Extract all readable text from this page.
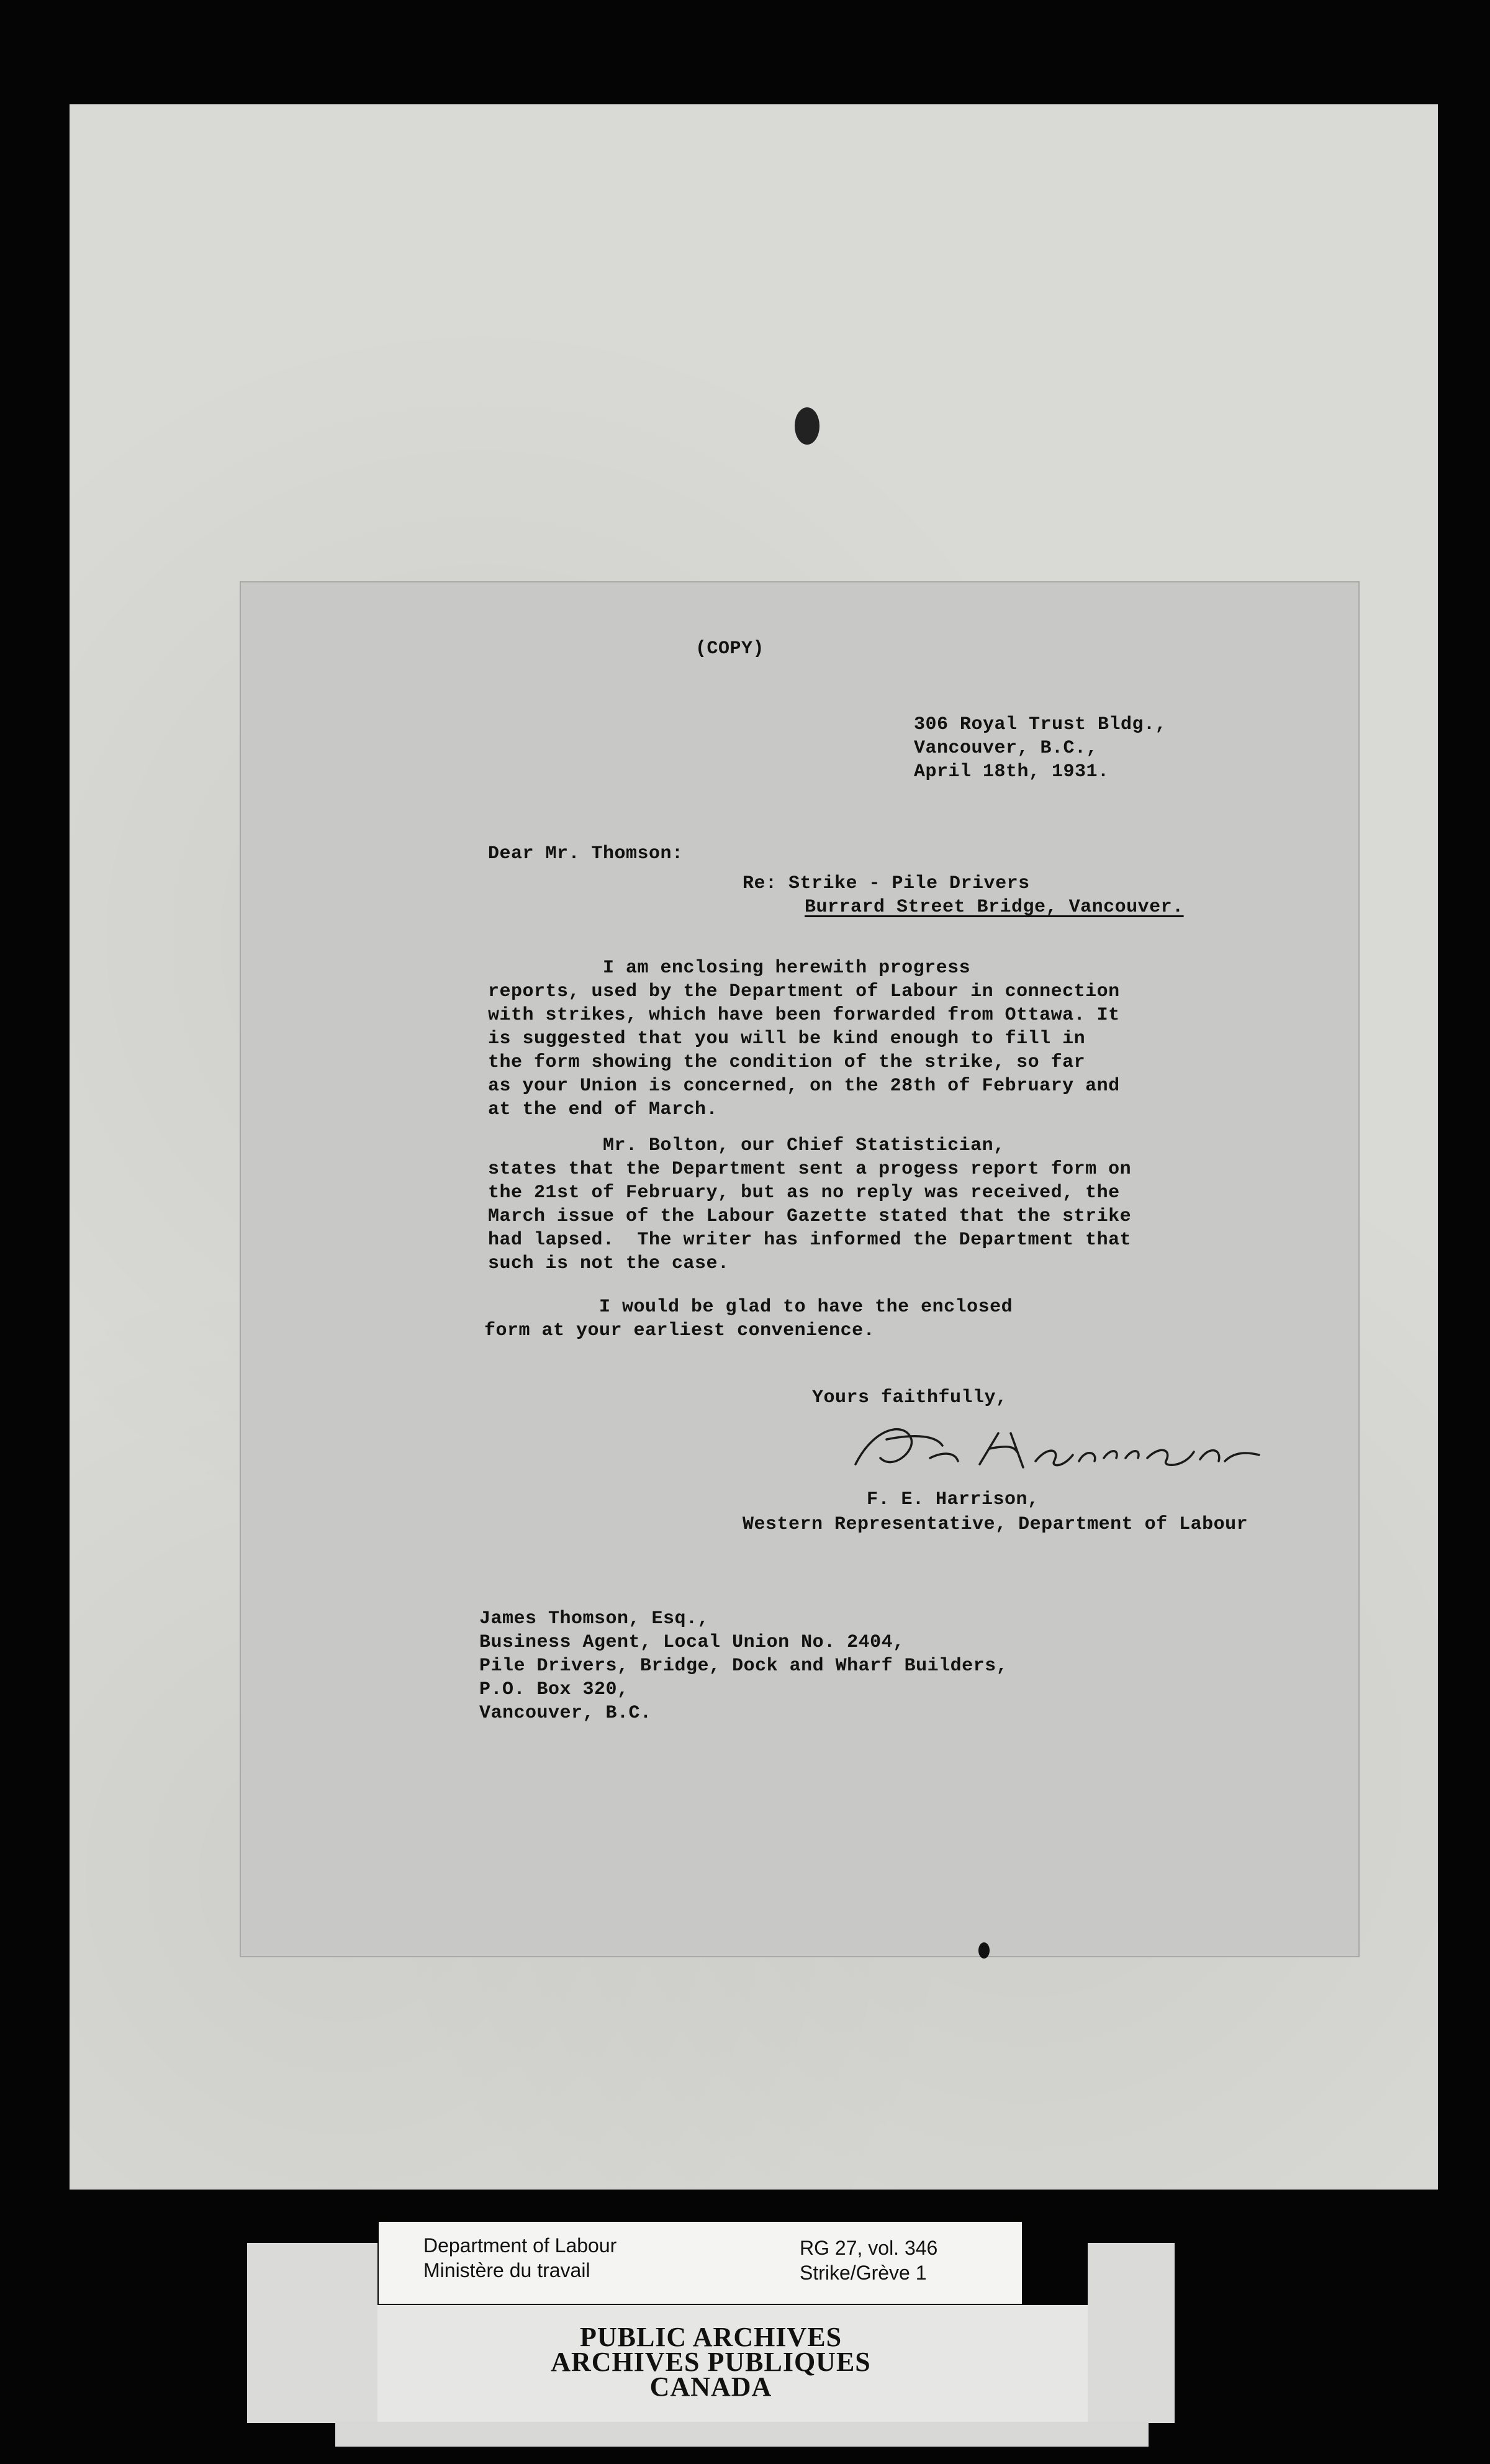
(COPY)
306 Royal Trust Bldg.,
Vancouver, B.C.,
April 18th, 1931.
Dear Mr. Thomson:
Re: Strike - Pile Drivers
Burrard Street Bridge, Vancouver.
I am enclosing herewith progress
reports, used by the Department of Labour in connection
with strikes, which have been forwarded from Ottawa. It
is suggested that you will be kind enough to fill in
the form showing the condition of the strike, so far
as your Union is concerned, on the 28th of February and
at the end of March.
Mr. Bolton, our Chief Statistician,
states that the Department sent a progess report form on
the 21st of February, but as no reply was received, the
March issue of the Labour Gazette stated that the strike
had lapsed.  The writer has informed the Department that
such is not the case.
I would be glad to have the enclosed
form at your earliest convenience.
Yours faithfully,
F. E. Harrison,
Western Representative, Department of Labour
James Thomson, Esq.,
Business Agent, Local Union No. 2404,
Pile Drivers, Bridge, Dock and Wharf Builders,
P.O. Box 320,
Vancouver, B.C.
PUBLIC ARCHIVES
ARCHIVES PUBLIQUES
CANADA
Department of Labour
Ministère du travail
RG 27, vol. 346
Strike/Grève 1
